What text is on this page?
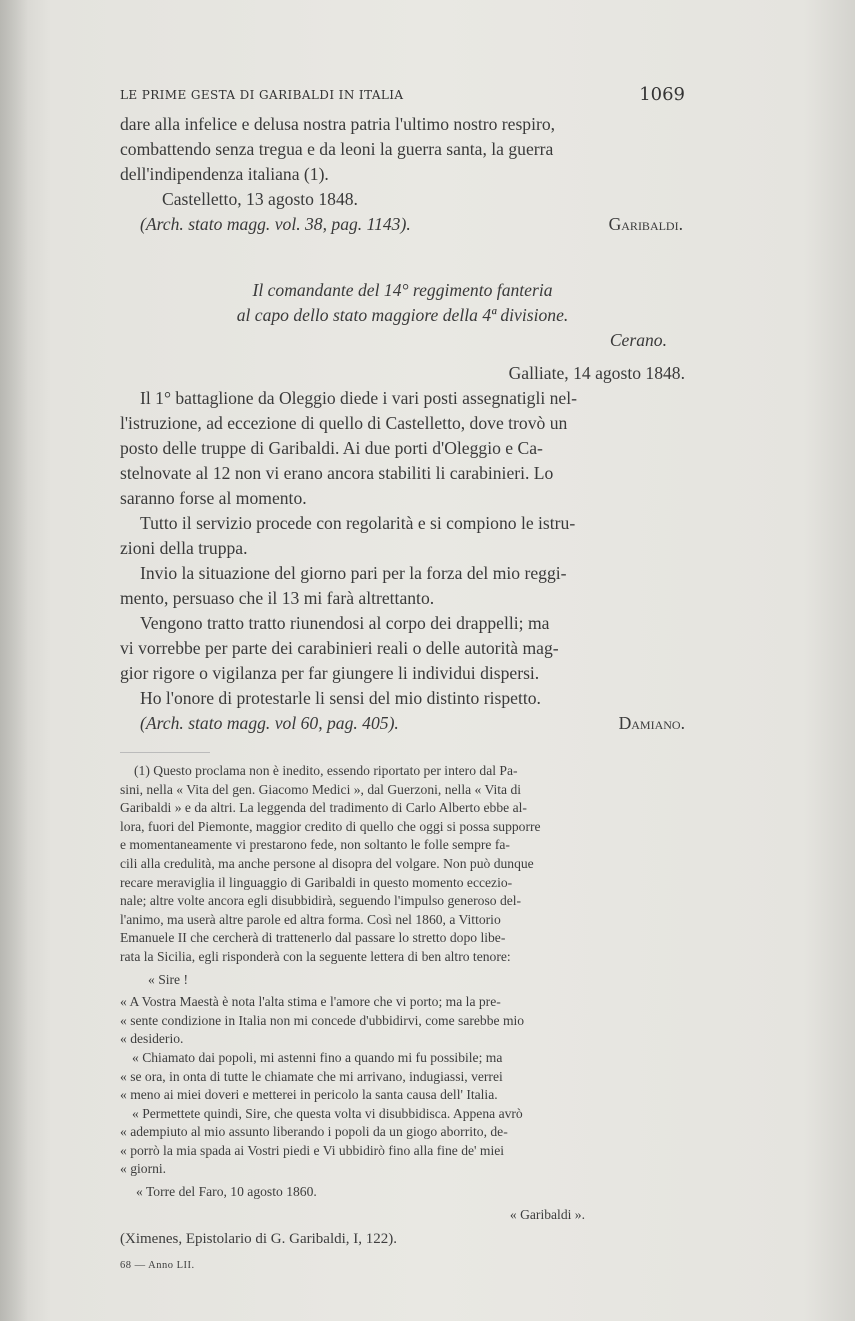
LE PRIME GESTA DI GARIBALDI IN ITALIA	1069
dare alla infelice e delusa nostra patria l'ultimo nostro respiro,
combattendo senza tregua e da leoni la guerra santa, la guerra
dell'indipendenza italiana (1).
Castelletto, 13 agosto 1848.
(Arch. stato magg. vol. 38, pag. 1143).	Garibaldi.
Il comandante del 14° reggimento fanteria
al capo dello stato maggiore della 4ª divisione.
Cerano.
Galliate, 14 agosto 1848.
Il 1° battaglione da Oleggio diede i vari posti assegnatigli nel-
l'istruzione, ad eccezione di quello di Castelletto, dove trovò un
posto delle truppe di Garibaldi. Ai due porti d'Oleggio e Ca-
stelnovate al 12 non vi erano ancora stabiliti li carabinieri. Lo
saranno forse al momento.
Tutto il servizio procede con regolarità e si compiono le istru-
zioni della truppa.
Invio la situazione del giorno pari per la forza del mio reggi-
mento, persuaso che il 13 mi farà altrettanto.
Vengono tratto tratto riunendosi al corpo dei drappelli; ma
vi vorrebbe per parte dei carabinieri reali o delle autorità mag-
gior rigore o vigilanza per far giungere li individui dispersi.
Ho l'onore di protestarle li sensi del mio distinto rispetto.
(Arch. stato magg. vol 60, pag. 405).	Damiano.
(1) Questo proclama non è inedito, essendo riportato per intero dal Pa-
sini, nella « Vita del gen. Giacomo Medici », dal Guerzoni, nella « Vita di
Garibaldi » e da altri. La leggenda del tradimento di Carlo Alberto ebbe al-
lora, fuori del Piemonte, maggior credito di quello che oggi si possa supporre
e momentaneamente vi prestarono fede, non soltanto le folle sempre fa-
cili alla credulità, ma anche persone al disopra del volgare. Non può dunque
recare meraviglia il linguaggio di Garibaldi in questo momento eccezio-
nale; altre volte ancora egli disubbidirà, seguendo l'impulso generoso del-
l'animo, ma userà altre parole ed altra forma. Così nel 1860, a Vittorio
Emanuele II che cercherà di trattenerlo dal passare lo stretto dopo libe-
rata la Sicilia, egli risponderà con la seguente lettera di ben altro tenore:
« Sire !
« A Vostra Maestà è nota l'alta stima e l'amore che vi porto; ma la pre-
« sente condizione in Italia non mi concede d'ubbidirvi, come sarebbe mio
« desiderio.
« Chiamato dai popoli, mi astenni fino a quando mi fu possibile; ma
« se ora, in onta di tutte le chiamate che mi arrivano, indugiassi, verrei
« meno ai miei doveri e metterei in pericolo la santa causa dell' Italia.
« Permettete quindi, Sire, che questa volta vi disubbidisca. Appena avrò
« adempiuto al mio assunto liberando i popoli da un giogo aborrito, de-
« porrò la mia spada ai Vostri piedi e Vi ubbidirò fino alla fine de' miei
« giorni.
« Torre del Faro, 10 agosto 1860.
« Garibaldi ».
(Ximenes, Epistolario di G. Garibaldi, I, 122).
68 — Anno LII.
